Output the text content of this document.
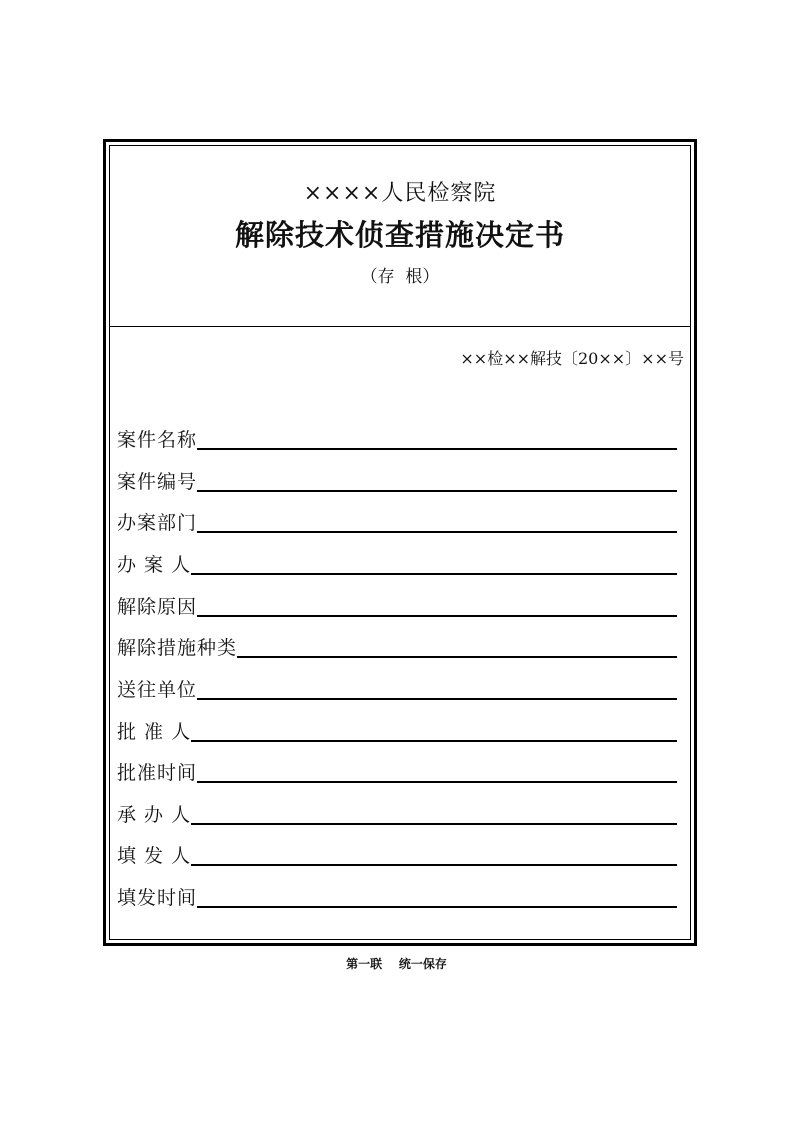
××××人民检察院
解除技术侦查措施决定书
（存  根）
××检××解技〔20××〕××号
案件名称
案件编号
办案部门
办 案 人
解除原因
解除措施种类
送往单位
批 准 人
批准时间
承 办 人
填 发 人
填发时间
第一联    统一保存
